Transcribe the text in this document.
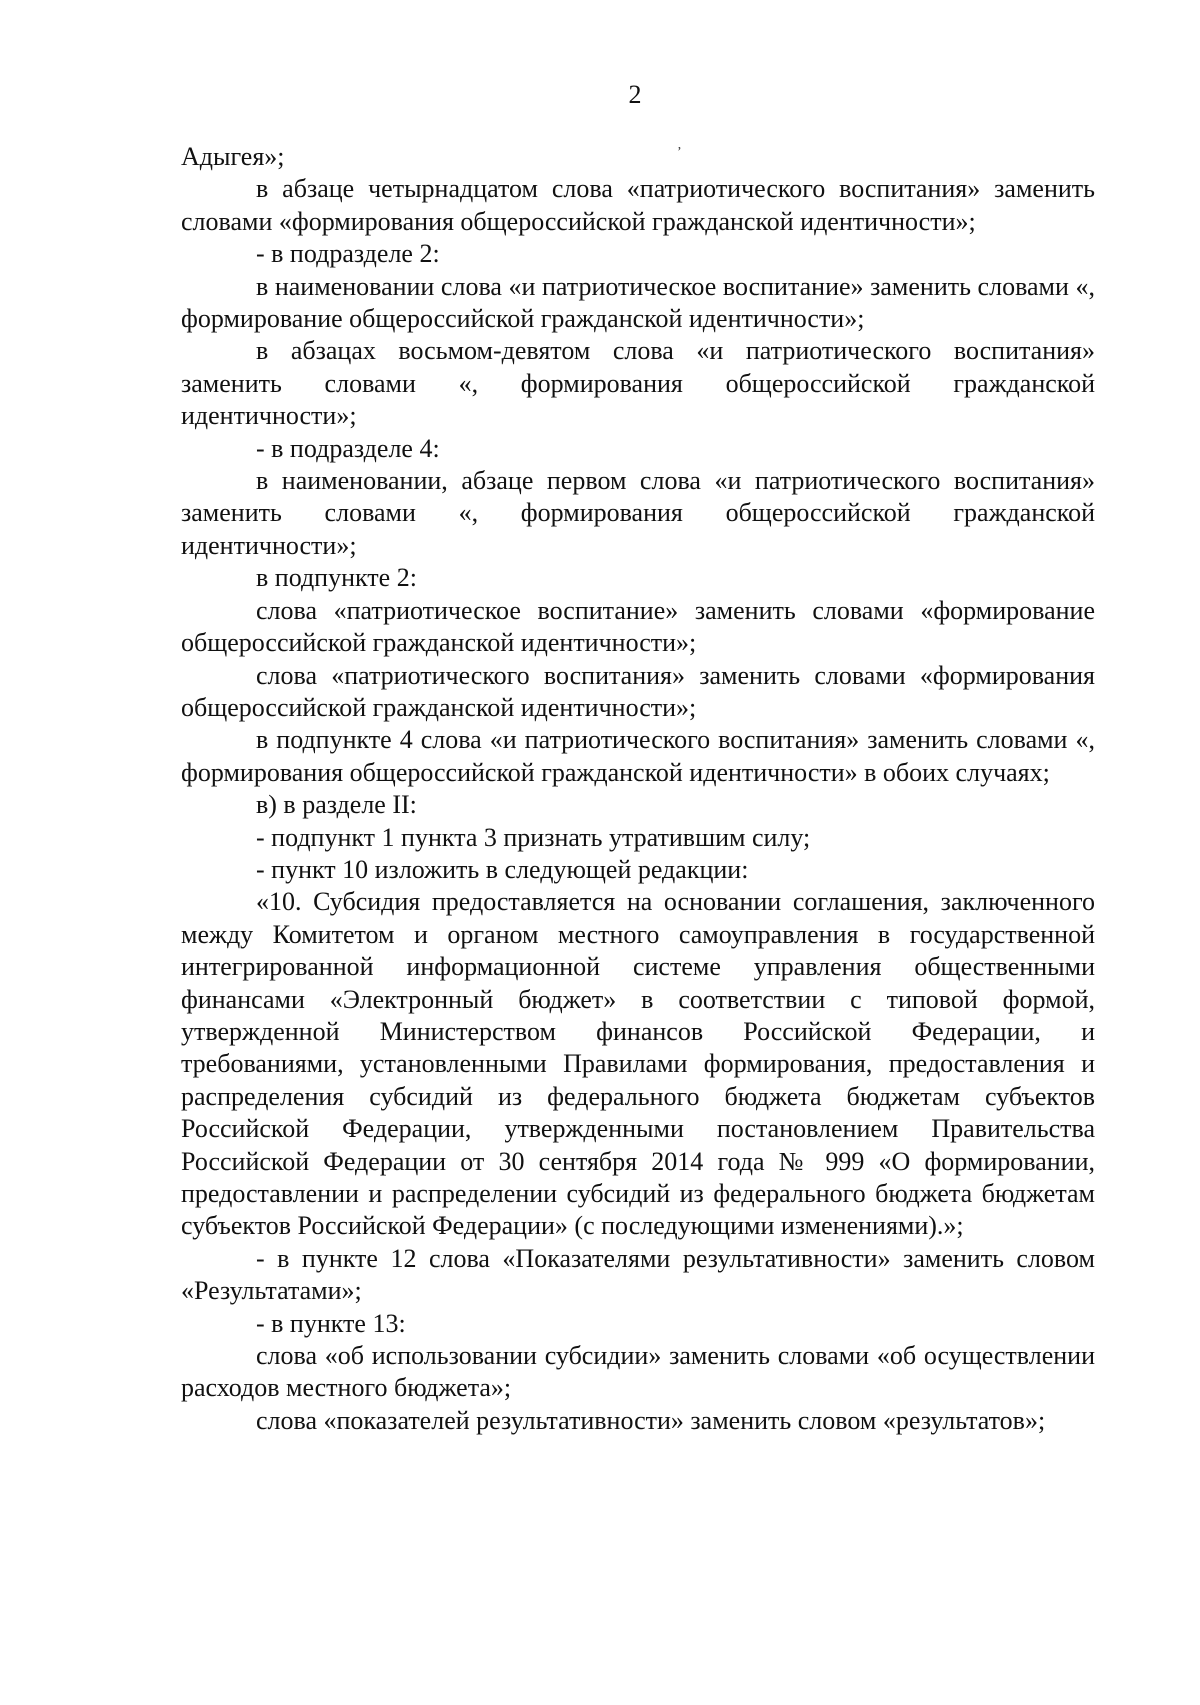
2
’

Адыгея»;

в абзаце четырнадцатом слова «патриотического воспитания» заменить словами «формирования общероссийской гражданской идентичности»;

- в подразделе 2:

в наименовании слова «и патриотическое воспитание» заменить словами «, формирование общероссийской гражданской идентичности»;

в абзацах восьмом-девятом слова «и патриотического воспитания» заменить словами «, формирования общероссийской гражданской идентичности»;

- в подразделе 4:

в наименовании, абзаце первом слова «и патриотического воспитания» заменить словами «, формирования общероссийской гражданской идентичности»;

в подпункте 2:

слова «патриотическое воспитание» заменить словами «формирование общероссийской гражданской идентичности»;

слова «патриотического воспитания» заменить словами «формирования общероссийской гражданской идентичности»;

в подпункте 4 слова «и патриотического воспитания» заменить словами «, формирования общероссийской гражданской идентичности» в обоих случаях;

в) в разделе II:

- подпункт 1 пункта 3 признать утратившим силу;

- пункт 10 изложить в следующей редакции:

«10. Субсидия предоставляется на основании соглашения, заключенного между Комитетом и органом местного самоуправления в государственной интегрированной информационной системе управления общественными финансами «Электронный бюджет» в соответствии с типовой формой, утвержденной Министерством финансов Российской Федерации, и требованиями, установленными Правилами формирования, предоставления и распределения субсидий из федерального бюджета бюджетам субъектов Российской Федерации, утвержденными постановлением Правительства Российской Федерации от 30 сентября 2014 года № 999 «О формировании, предоставлении и распределении субсидий из федерального бюджета бюджетам субъектов Российской Федерации» (с последующими изменениями).»;

- в пункте 12 слова «Показателями результативности» заменить словом «Результатами»;

- в пункте 13:

слова «об использовании субсидии» заменить словами «об осуществлении расходов местного бюджета»;

слова «показателей результативности» заменить словом «результатов»;
